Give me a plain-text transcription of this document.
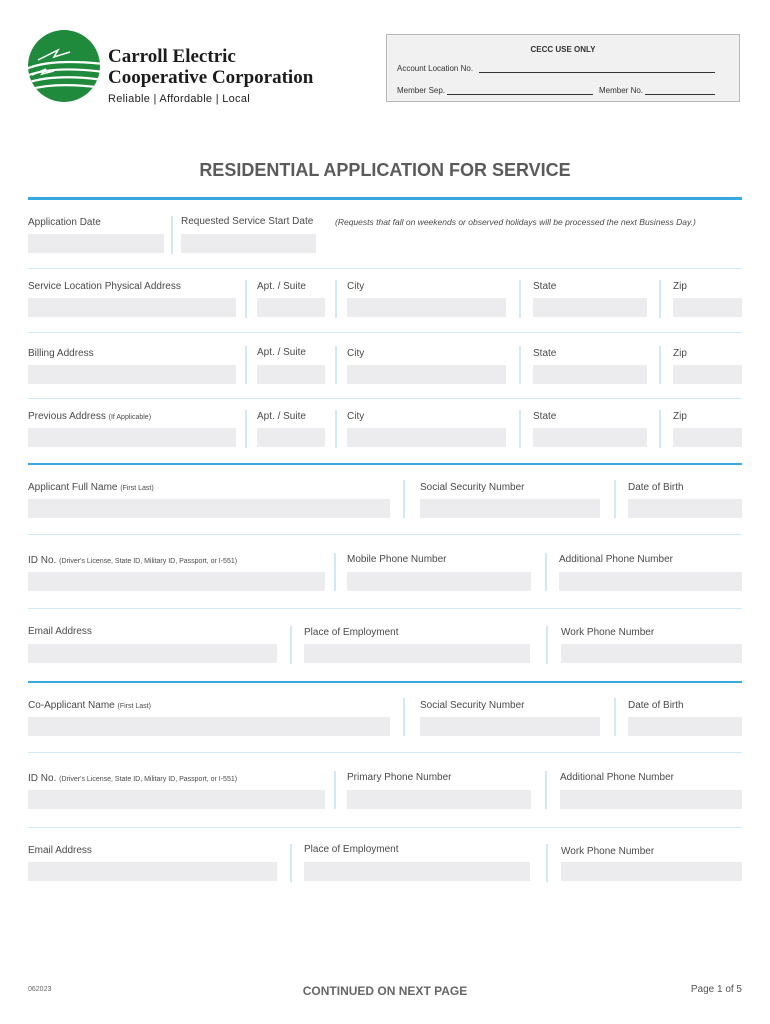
Carroll Electric
Cooperative Corporation
Reliable | Affordable | Local
CECC USE ONLY
Account Location No.
Member Sep.	Member No.
RESIDENTIAL APPLICATION FOR SERVICE
Application Date	Requested Service Start Date	(Requests that fall on weekends or observed holidays will be processed the next Business Day.)
Service Location Physical Address	Apt. / Suite	City	State	Zip
Billing Address	Apt. / Suite	City	State	Zip
Previous Address (If Applicable)	Apt. / Suite	City	State	Zip
Applicant Full Name (First Last)	Social Security Number	Date of Birth
ID No. (Driver's License, State ID, Military ID, Passport, or I-551)	Mobile Phone Number	Additional Phone Number
Email Address	Place of Employment	Work Phone Number
Co-Applicant Name (First Last)	Social Security Number	Date of Birth
ID No. (Driver's License, State ID, Military ID, Passport, or I-551)	Primary Phone Number	Additional Phone Number
Email Address	Place of Employment	Work Phone Number
062023	CONTINUED ON NEXT PAGE	Page 1 of 5
